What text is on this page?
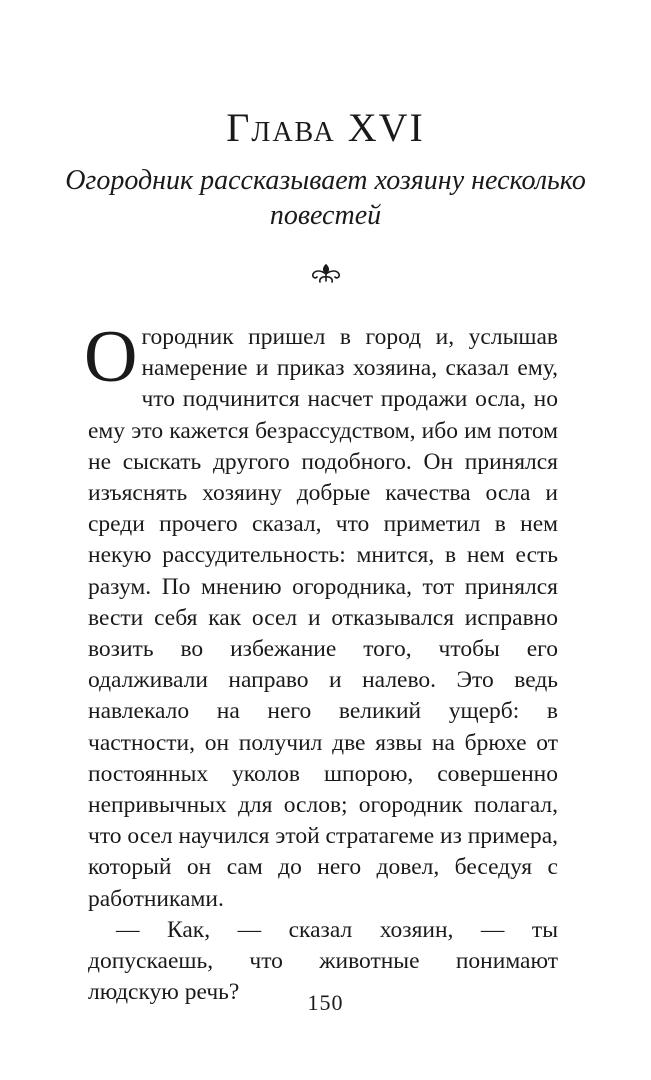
Глава XVI

Огородник рассказывает хозяину несколько повестей

Огородник пришел в город и, услышав намерение и приказ хозяина, сказал ему, что подчинится насчет продажи осла, но ему это кажется безрассудством, ибо им потом не сыскать другого подобного. Он принялся изъяснять хозяину добрые качества осла и среди прочего сказал, что приметил в нем некую рассудительность: мнится, в нем есть разум. По мнению огородника, тот принялся вести себя как осел и отказывался исправно возить во избежание того, чтобы его одалживали направо и налево. Это ведь навлекало на него великий ущерб: в частности, он получил две язвы на брюхе от постоянных уколов шпорою, совершенно непривычных для ослов; огородник полагал, что осел научился этой стратагеме из примера, который он сам до него довел, беседуя с работниками.

— Как, — сказал хозяин, — ты допускаешь, что животные понимают людскую речь?	150
